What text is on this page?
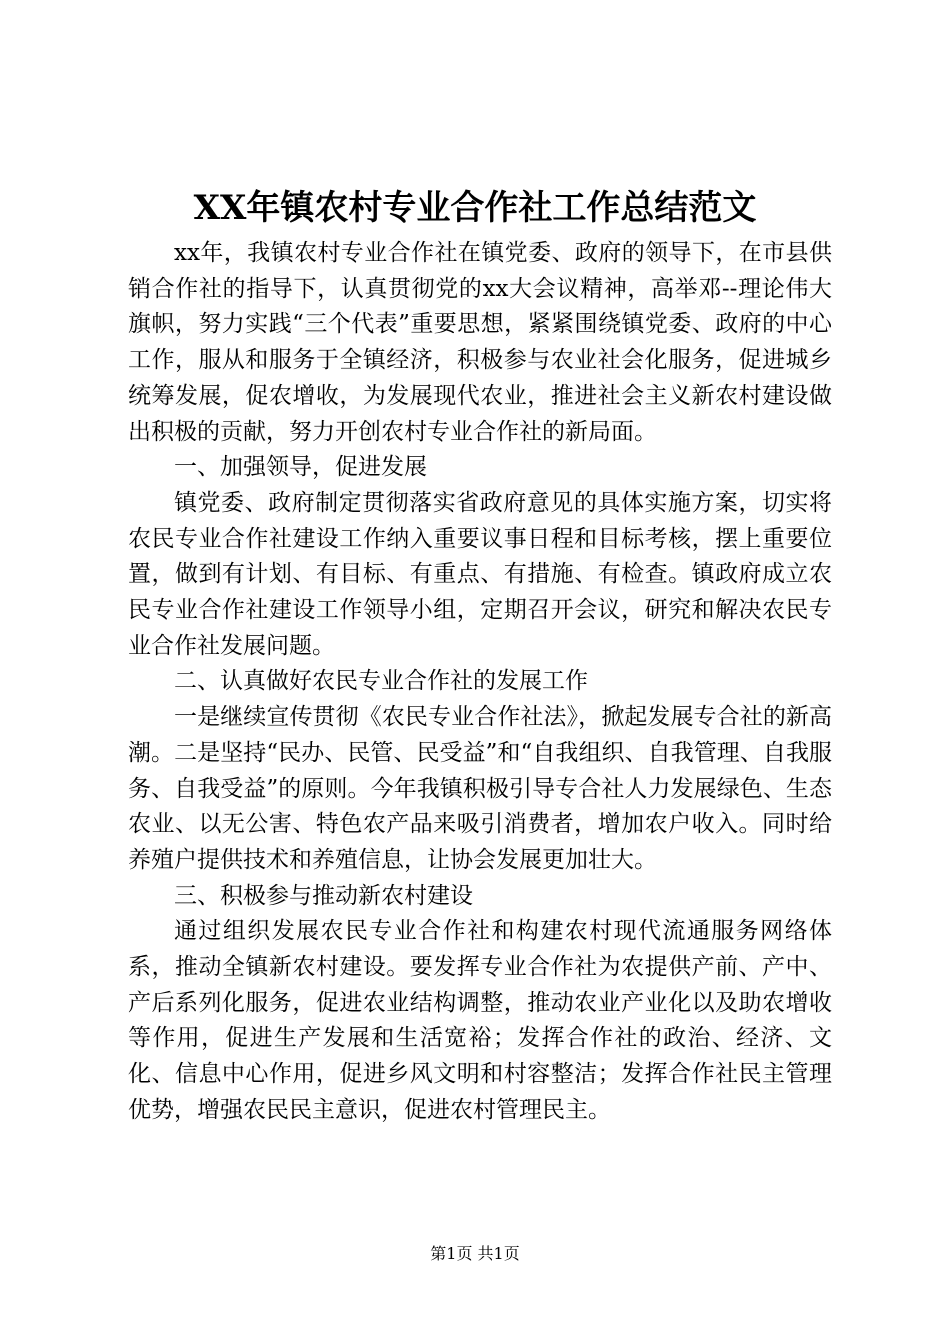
XX年镇农村专业合作社工作总结范文

xx年，我镇农村专业合作社在镇党委、政府的领导下，在市县供销合作社的指导下，认真贯彻党的xx大会议精神，高举邓--理论伟大旗帜，努力实践“三个代表”重要思想，紧紧围绕镇党委、政府的中心工作，服从和服务于全镇经济，积极参与农业社会化服务，促进城乡统筹发展，促农增收，为发展现代农业，推进社会主义新农村建设做出积极的贡献，努力开创农村专业合作社的新局面。

一、加强领导，促进发展

镇党委、政府制定贯彻落实省政府意见的具体实施方案，切实将农民专业合作社建设工作纳入重要议事日程和目标考核，摆上重要位置，做到有计划、有目标、有重点、有措施、有检查。镇政府成立农民专业合作社建设工作领导小组，定期召开会议，研究和解决农民专业合作社发展问题。

二、认真做好农民专业合作社的发展工作

一是继续宣传贯彻《农民专业合作社法》，掀起发展专合社的新高潮。二是坚持“民办、民管、民受益”和“自我组织、自我管理、自我服务、自我受益”的原则。今年我镇积极引导专合社人力发展绿色、生态农业、以无公害、特色农产品来吸引消费者，增加农户收入。同时给养殖户提供技术和养殖信息，让协会发展更加壮大。

三、积极参与推动新农村建设

通过组织发展农民专业合作社和构建农村现代流通服务网络体系，推动全镇新农村建设。要发挥专业合作社为农提供产前、产中、产后系列化服务，促进农业结构调整，推动农业产业化以及助农增收等作用，促进生产发展和生活宽裕；发挥合作社的政治、经济、文化、信息中心作用，促进乡风文明和村容整洁；发挥合作社民主管理优势，增强农民民主意识，促进农村管理民主。

第1页 共1页
